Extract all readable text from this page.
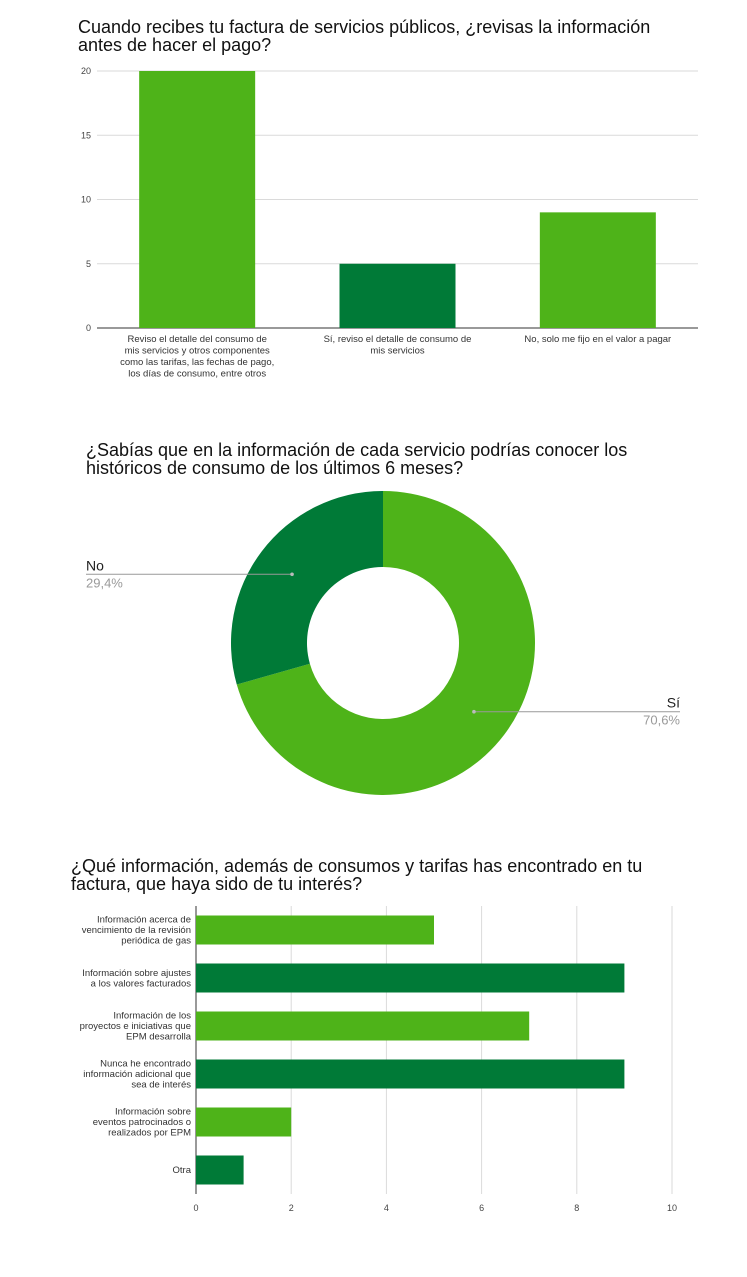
Cuando recibes tu factura de servicios públicos, ¿revisas la información antes de hacer el pago?
0
5
10
15
20
Reviso el detalle del consumo de mis servicios y otros componentes como las tarifas, las fechas de pago, los días de consumo, entre otros
Sí, reviso el detalle de consumo de mis servicios
No, solo me fijo en el valor a pagar
¿Sabías que en la información de cada servicio podrías conocer los históricos de consumo de los últimos 6 meses?
Sí
70,6%
No
29,4%
¿Qué información, además de consumos y tarifas has encontrado en tu factura, que haya sido de tu interés?
0	2	4	6	8	10
Información acerca de vencimiento de la revisión periódica de gas
Información sobre ajustes a los valores facturados
Información de los proyectos e iniciativas que EPM desarrolla
Nunca he encontrado información adicional que sea de interés
Información sobre eventos patrocinados o realizados por EPM
Otra
